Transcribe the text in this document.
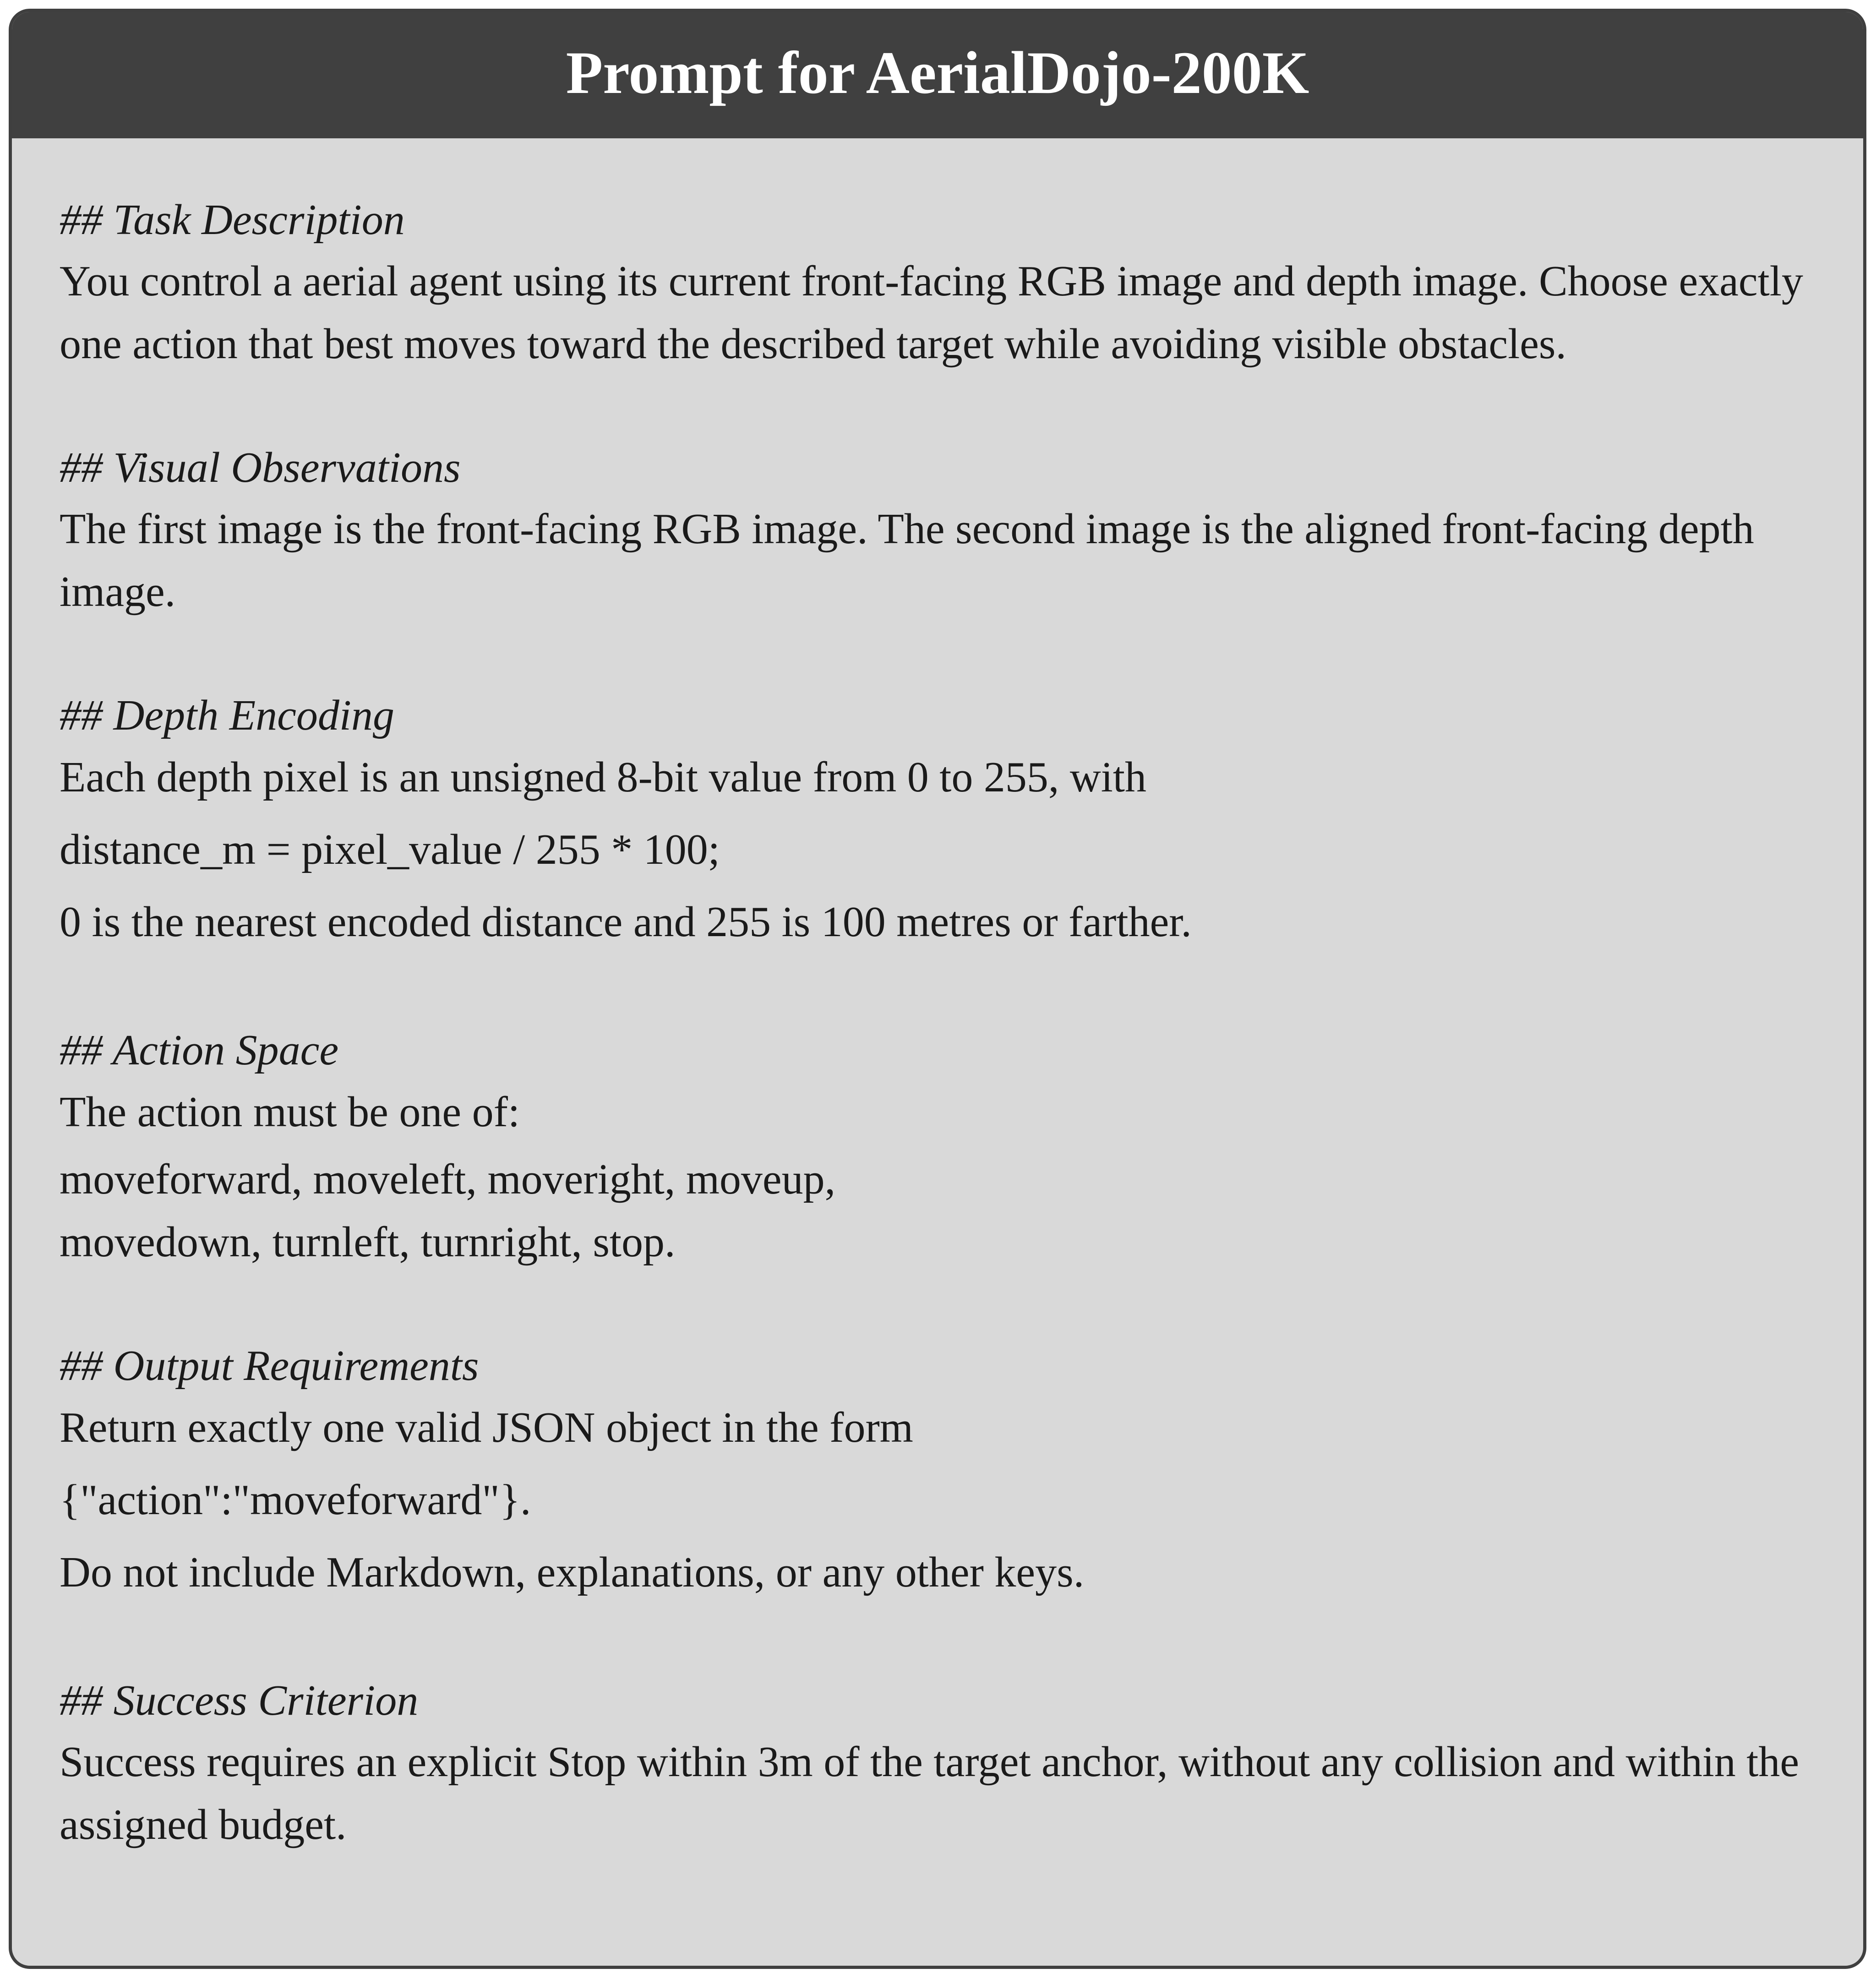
Prompt for AerialDojo-200K
## Task Description

You control a aerial agent using its current front-facing RGB image and depth image. Choose exactly one action that best moves toward the described target while avoiding visible obstacles.

## Visual Observations

The first image is the front-facing RGB image. The second image is the aligned front-facing depth image.

## Depth Encoding
Each depth pixel is an unsigned 8-bit value from 0 to 255, with
distance_m = pixel_value / 255 * 100;
0 is the nearest encoded distance and 255 is 100 metres or farther.
## Action Space
The action must be one of:
moveforward, moveleft, moveright, moveup,
movedown, turnleft, turnright, stop.
## Output Requirements
Return exactly one valid JSON object in the form
{"action":"moveforward"}.
Do not include Markdown, explanations, or any other keys.
## Success Criterion

Success requires an explicit Stop within 3m of the target anchor, without any collision and within the assigned budget.
